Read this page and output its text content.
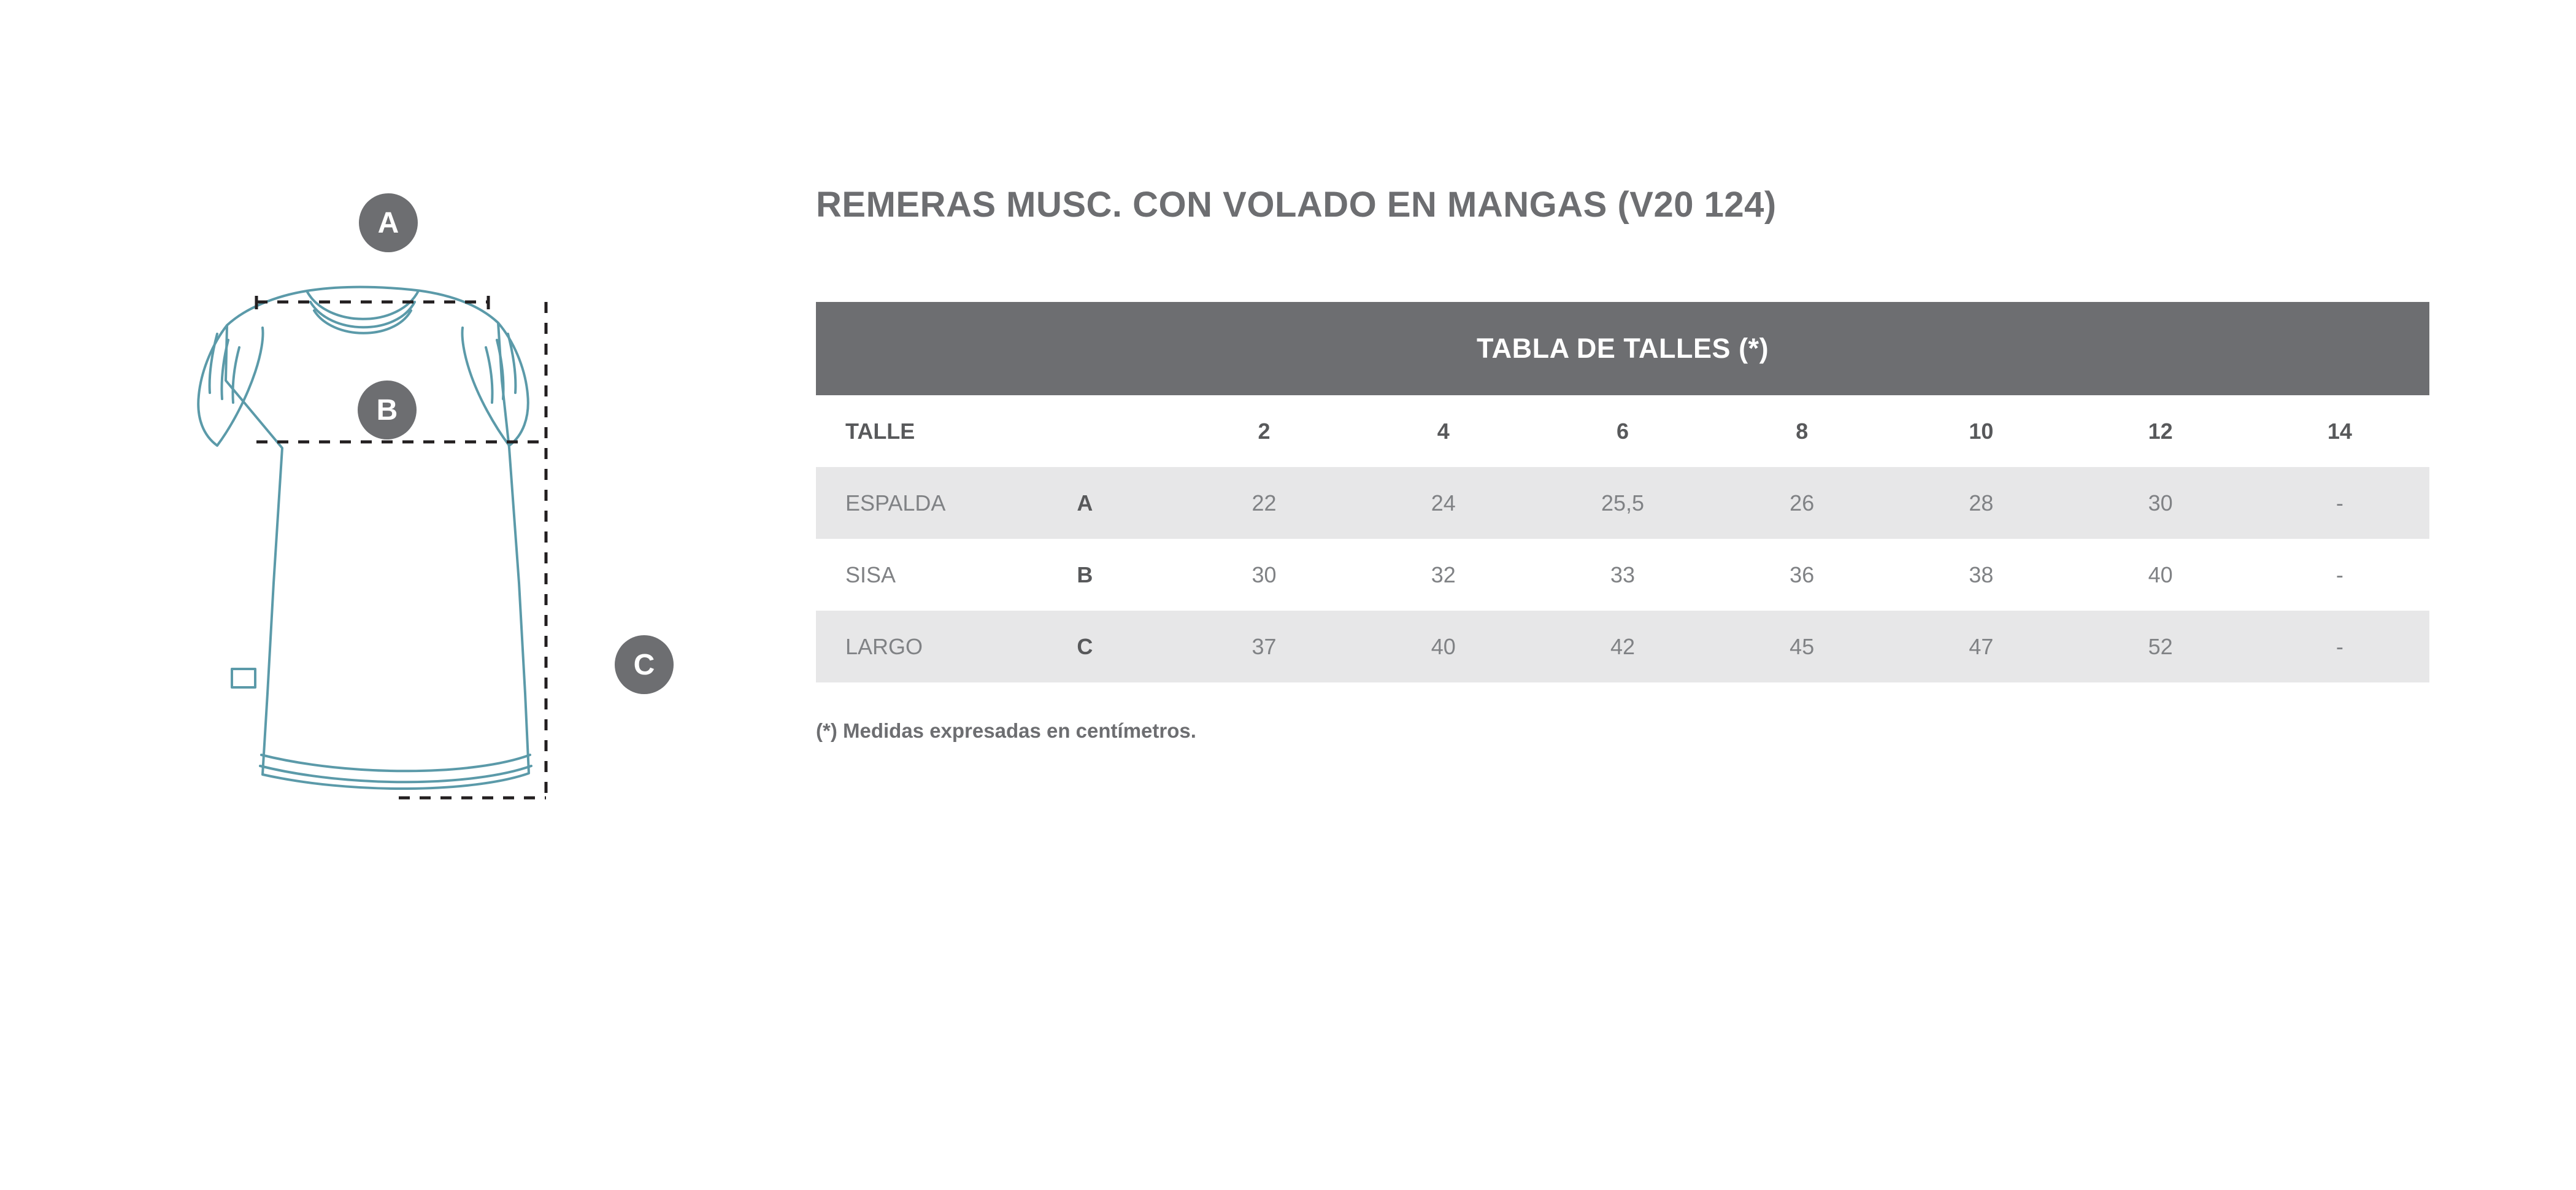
A
B
C
REMERAS MUSC. CON VOLADO EN MANGAS (V20 124)
TABLA DE TALLES (*)								
TALLE		2	4	6	8	10	12	14
ESPALDA	A	22	24	25,5	26	28	30	-
SISA	B	30	32	33	36	38	40	-
LARGO	C	37	40	42	45	47	52	-

(*) Medidas expresadas en centímetros.
